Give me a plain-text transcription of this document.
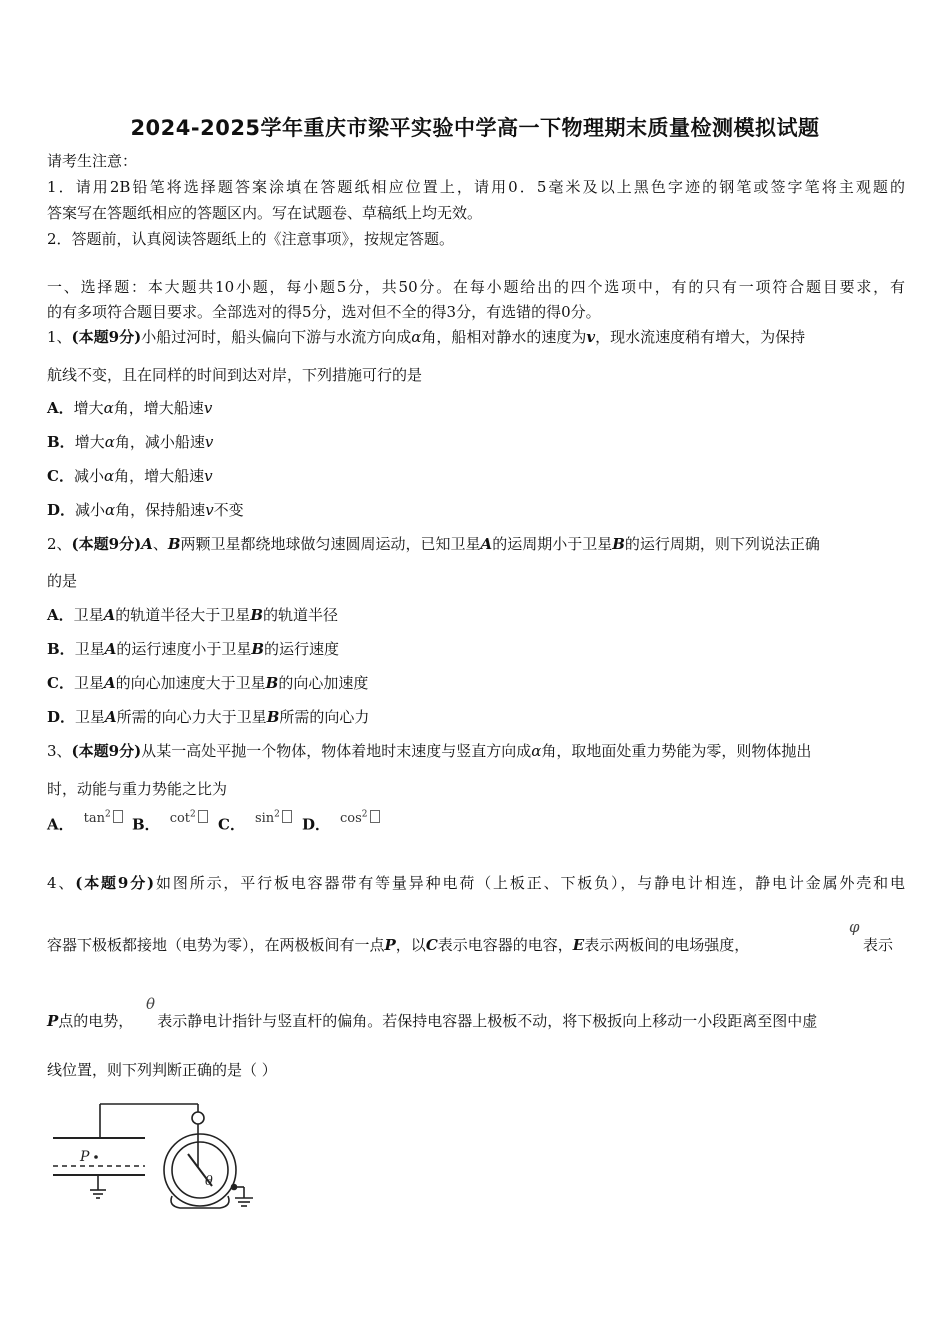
2024-2025学年重庆市梁平实验中学高一下物理期末质量检测模拟试题
请考生注意：
1．请用2B铅笔将选择题答案涂填在答题纸相应位置上，请用0．5毫米及以上黑色字迹的钢笔或签字笔将主观题的
答案写在答题纸相应的答题区内。写在试题卷、草稿纸上均无效。
2．答题前，认真阅读答题纸上的《注意事项》，按规定答题。
一、选择题：本大题共10小题，每小题5分，共50分。在每小题给出的四个选项中，有的只有一项符合题目要求，有
的有多项符合题目要求。全部选对的得5分，选对但不全的得3分，有选错的得0分。
1、(本题9分)小船过河时，船头偏向下游与水流方向成α角，船相对静水的速度为v，现水流速度稍有增大，为保持
航线不变，且在同样的时间到达对岸，下列措施可行的是
A．增大α角，增大船速v
B．增大α角，减小船速v
C．减小α角，增大船速v
D．减小α角，保持船速v不变
2、(本题9分)A、B两颗卫星都绕地球做匀速圆周运动，已知卫星A的运周期小于卫星B的运行周期，则下列说法正确
的是
A．卫星A的轨道半径大于卫星B的轨道半径
B．卫星A的运行速度小于卫星B的运行速度
C．卫星A的向心加速度大于卫星B的向心加速度
D．卫星A所需的向心力大于卫星B所需的向心力
3、(本题9分)从某一高处平抛一个物体，物体着地时末速度与竖直方向成α角，取地面处重力势能为零，则物体抛出
时，动能与重力势能之比为
A． $\tan^2$
B． $\cot^2$
C． $\sin^2$
D． $\cos^2$
4、(本题9分)如图所示，平行板电容器带有等量异种电荷（上板正、下板负），与静电计相连，静电计金属外壳和电
容器下极板都接地（电势为零），在两极板间有一点P，以C表示电容器的电容，E表示两板间的电场强度，
φ
表示
P点的电势， 表示静电计指针与竖直杆的偏角。若保持电容器上极板不动，将下极扳向上移动一小段距离至图中虚
θ
线位置，则下列判断正确的是（ ）
P
θ
